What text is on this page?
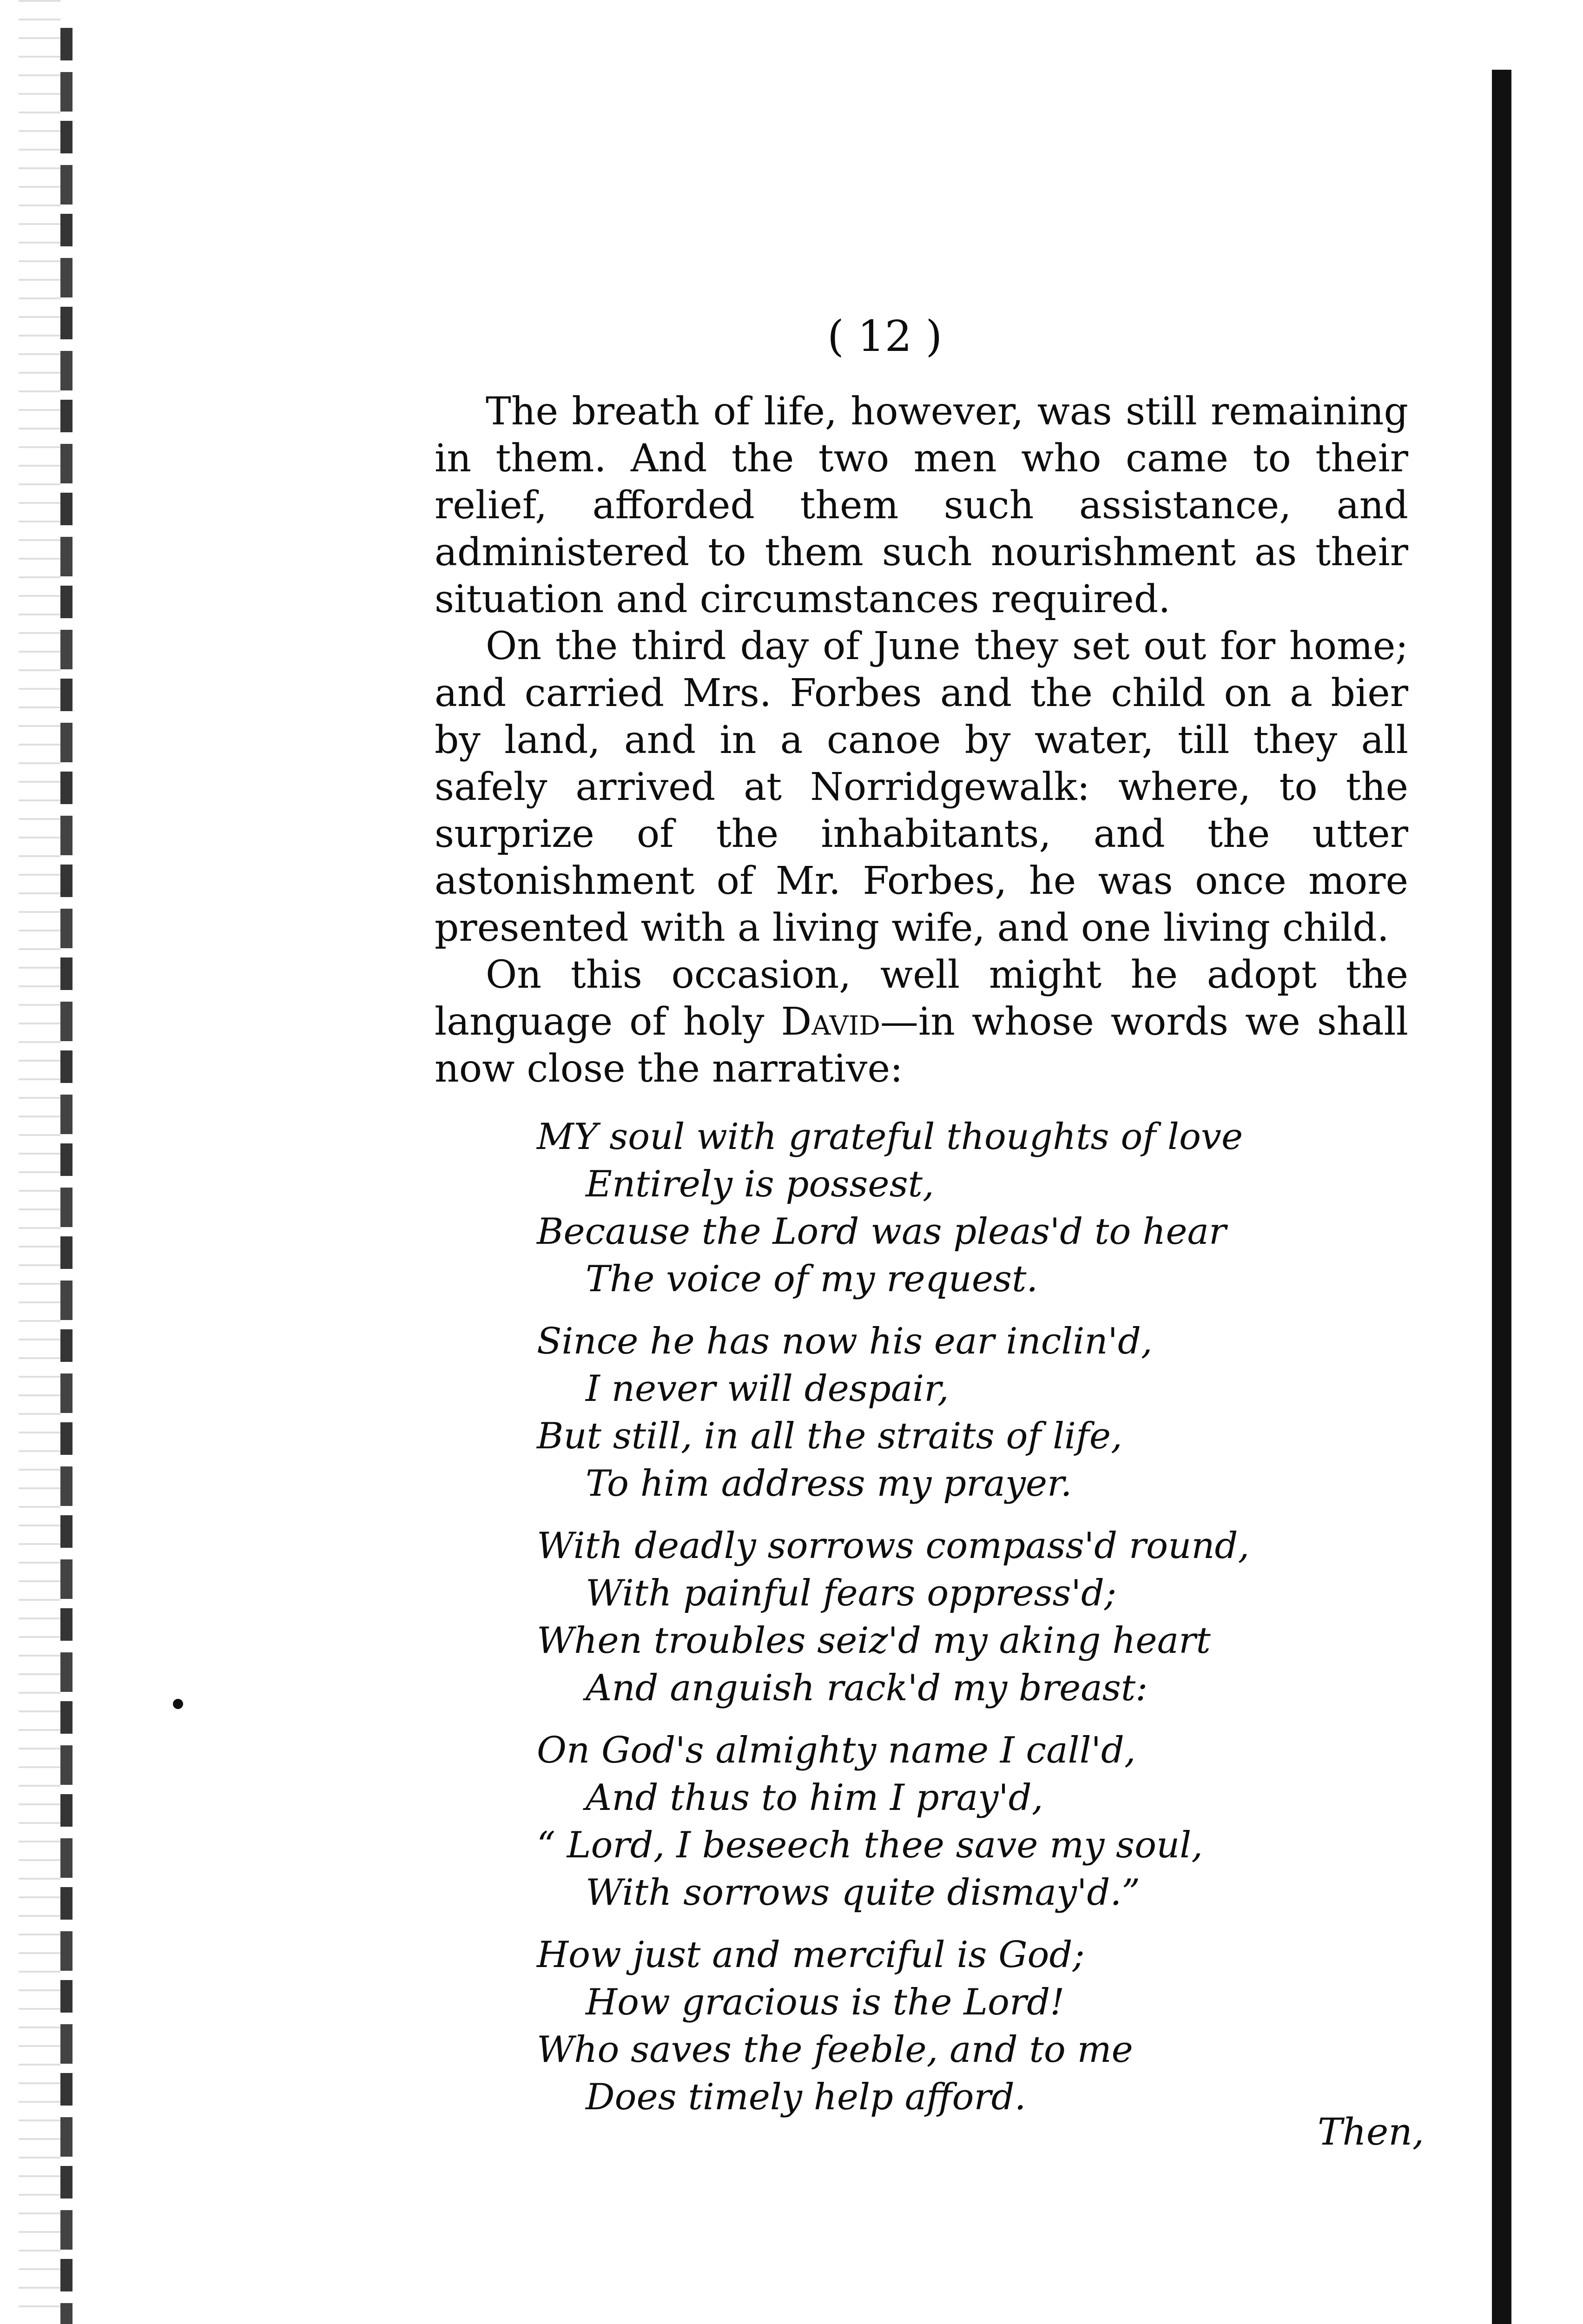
( 12 )

The breath of life, however, was still remaining in them. And the two men who came to their relief, afforded them such assistance, and administered to them such nourishment as their situation and circumstances required.

On the third day of June they set out for home; and carried Mrs. Forbes and the child on a bier by land, and in a canoe by water, till they all safely arrived at Norridgewalk: where, to the surprize of the inhabitants, and the utter astonishment of Mr. Forbes, he was once more presented with a living wife, and one living child.

On this occasion, well might he adopt the language of holy David—in whose words we shall now close the narrative:

MY soul with grateful thoughts of love
Entirely is possest,
Because the Lord was pleas'd to hear
The voice of my request.
Since he has now his ear inclin'd,
I never will despair,
But still, in all the straits of life,
To him address my prayer.
With deadly sorrows compass'd round,
With painful fears oppress'd;
When troubles seiz'd my aking heart
And anguish rack'd my breast:
On God's almighty name I call'd,
And thus to him I pray'd,
“ Lord, I beseech thee save my soul,
With sorrows quite dismay'd.”
How just and merciful is God;
How gracious is the Lord!
Who saves the feeble, and to me
Does timely help afford.
Then,
